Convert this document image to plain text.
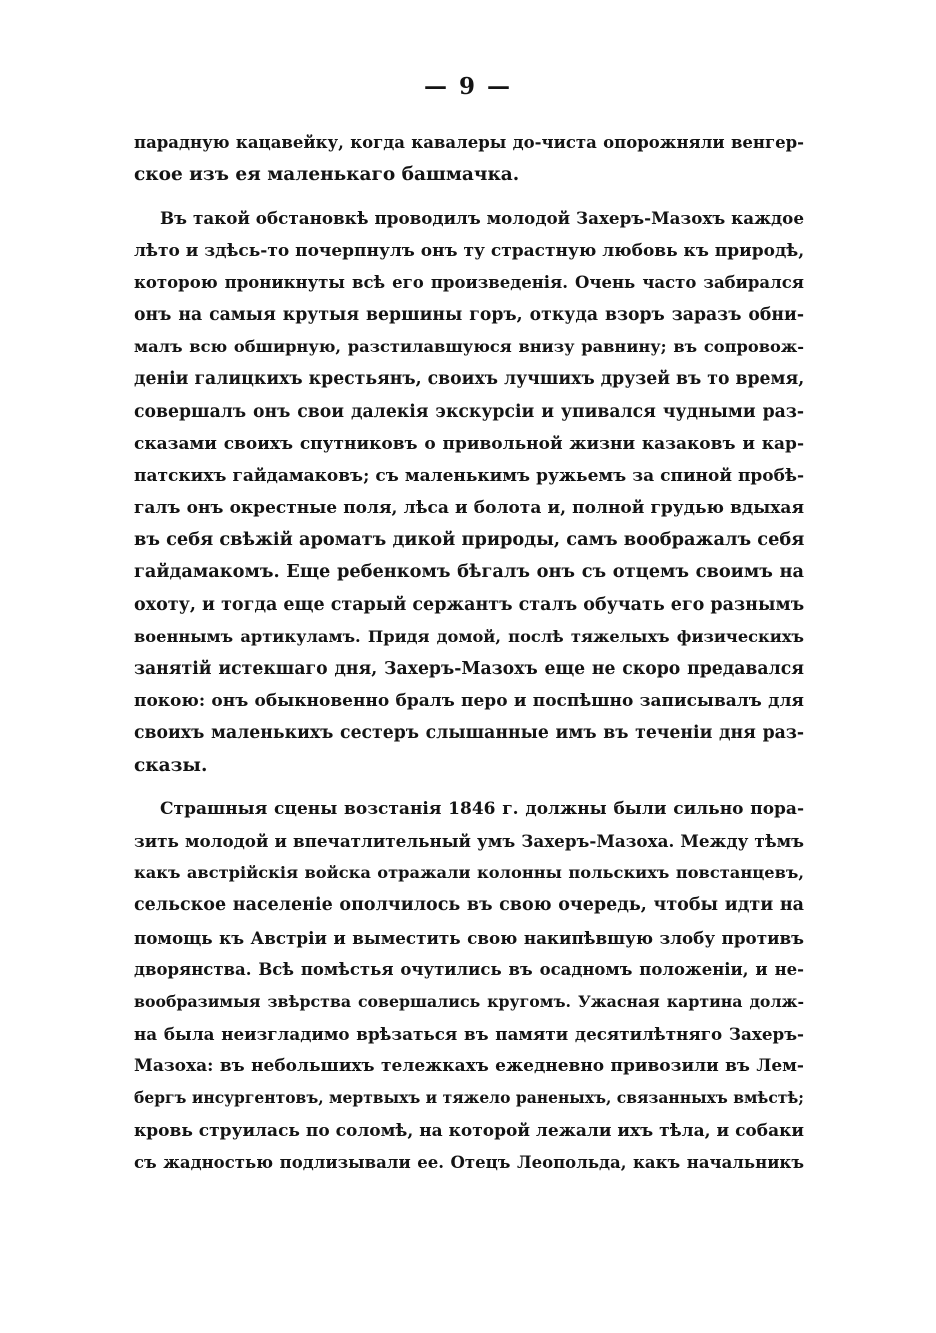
— 9 —
парадную кацавейку, когда кавалеры до-чиста опорожняли венгер-
ское изъ ея маленькаго башмачка.
Въ такой обстановкѣ проводилъ молодой Захеръ-Мазохъ каждое
лѣто и здѣсь-то почерпнулъ онъ ту страстную любовь къ природѣ,
которою проникнуты всѣ его произведенія. Очень часто забирался
онъ на самыя крутыя вершины горъ, откуда взоръ заразъ обни-
малъ всю обширную, разстилавшуюся внизу равнину; въ сопровож-
деніи галицкихъ крестьянъ, своихъ лучшихъ друзей въ то время,
совершалъ онъ свои далекія экскурсіи и упивался чудными раз-
сказами своихъ спутниковъ о привольной жизни казаковъ и кар-
патскихъ гайдамаковъ; съ маленькимъ ружьемъ за спиной пробѣ-
галъ онъ окрестные поля, лѣса и болота и, полной грудью вдыхая
въ себя свѣжій ароматъ дикой природы, самъ воображалъ себя
гайдамакомъ. Еще ребенкомъ бѣгалъ онъ съ отцемъ своимъ на
охоту, и тогда еще старый сержантъ сталъ обучать его разнымъ
военнымъ артикуламъ. Придя домой, послѣ тяжелыхъ физическихъ
занятій истекшаго дня, Захеръ-Мазохъ еще не скоро предавался
покою: онъ обыкновенно бралъ перо и поспѣшно записывалъ для
своихъ маленькихъ сестеръ слышанные имъ въ теченіи дня раз-
сказы.
Страшныя сцены возстанія 1846 г. должны были сильно пора-
зить молодой и впечатлительный умъ Захеръ-Мазоха. Между тѣмъ
какъ австрійскія войска отражали колонны польскихъ повстанцевъ,
сельское населеніе ополчилось въ свою очередь, чтобы идти на
помощь къ Австріи и выместить свою накипѣвшую злобу противъ
дворянства. Всѣ помѣстья очутились въ осадномъ положеніи, и не-
вообразимыя звѣрства совершались кругомъ. Ужасная картина долж-
на была неизгладимо врѣзаться въ памяти десятилѣтняго Захеръ-
Мазоха: въ небольшихъ тележкахъ ежедневно привозили въ Лем-
бергъ инсургентовъ, мертвыхъ и тяжело раненыхъ, связанныхъ вмѣстѣ;
кровь струилась по соломѣ, на которой лежали ихъ тѣла, и собаки
съ жадностью подлизывали ее. Отецъ Леопольда, какъ начальникъ
